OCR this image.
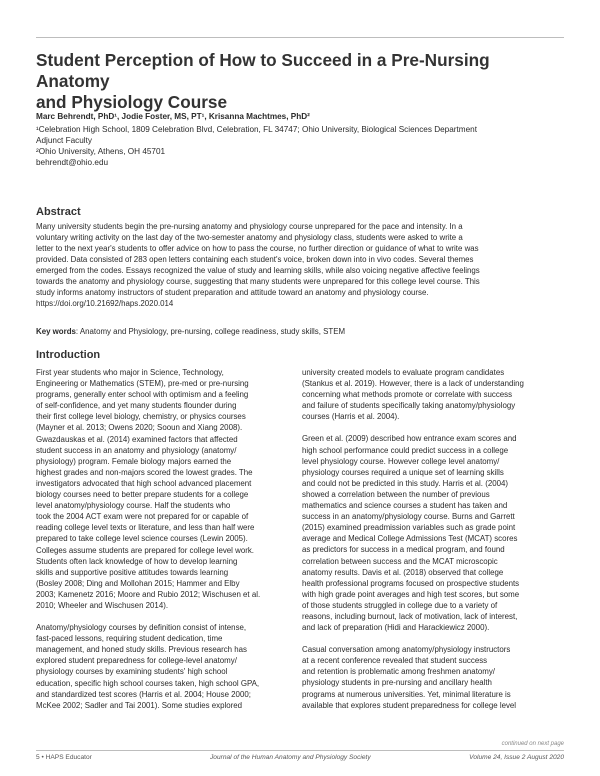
Student Perception of How to Succeed in a Pre-Nursing Anatomy
and Physiology Course
Marc Behrendt, PhD¹, Jodie Foster, MS, PT¹, Krisanna Machtmes, PhD²
¹Celebration High School, 1809 Celebration Blvd, Celebration, FL 34747; Ohio University, Biological Sciences Department
Adjunct Faculty
²Ohio University, Athens, OH 45701
behrendt@ohio.edu
Abstract
Many university students begin the pre-nursing anatomy and physiology course unprepared for the pace and intensity. In a
voluntary writing activity on the last day of the two-semester anatomy and physiology class, students were asked to write a
letter to the next year's students to offer advice on how to pass the course, no further direction or guidance of what to write was
provided. Data consisted of 283 open letters containing each student's voice, broken down into in vivo codes. Several themes
emerged from the codes. Essays recognized the value of study and learning skills, while also voicing negative affective feelings
towards the anatomy and physiology course, suggesting that many students were unprepared for this college level course. This
study informs anatomy instructors of student preparation and attitude toward an anatomy and physiology course.
https://doi.org/10.21692/haps.2020.014
Key words: Anatomy and Physiology, pre-nursing, college readiness, study skills, STEM
Introduction
First year students who major in Science, Technology,
Engineering or Mathematics (STEM), pre-med or pre-nursing
programs, generally enter school with optimism and a feeling
of self-confidence, and yet many students flounder during
their first college level biology, chemistry, or physics courses
(Mayner et al. 2013; Owens 2020; Sooun and Xiang 2008).
Gwazdauskas et al. (2014) examined factors that affected
student success in an anatomy and physiology (anatomy/
physiology) program. Female biology majors earned the
highest grades and non-majors scored the lowest grades. The
investigators advocated that high school advanced placement
biology courses need to better prepare students for a college
level anatomy/physiology course. Half the students who
took the 2004 ACT exam were not prepared for or capable of
reading college level texts or literature, and less than half were
prepared to take college level science courses (Lewin 2005).
Colleges assume students are prepared for college level work.
Students often lack knowledge of how to develop learning
skills and supportive positive attitudes towards learning
(Bosley 2008; Ding and Mollohan 2015; Hammer and Elby
2003; Kamenetz 2016; Moore and Rubio 2012; Wischusen et al.
2010; Wheeler and Wischusen 2014).
Anatomy/physiology courses by definition consist of intense,
fast-paced lessons, requiring student dedication, time
management, and honed study skills. Previous research has
explored student preparedness for college-level anatomy/
physiology courses by examining students' high school
education, specific high school courses taken, high school GPA,
and standardized test scores (Harris et al. 2004; House 2000;
McKee 2002; Sadler and Tai 2001). Some studies explored
university created models to evaluate program candidates
(Stankus et al. 2019). However, there is a lack of understanding
concerning what methods promote or correlate with success
and failure of students specifically taking anatomy/physiology
courses (Harris et al. 2004).
Green et al. (2009) described how entrance exam scores and
high school performance could predict success in a college
level physiology course. However college level anatomy/
physiology courses required a unique set of learning skills
and could not be predicted in this study. Harris et al. (2004)
showed a correlation between the number of previous
mathematics and science courses a student has taken and
success in an anatomy/physiology course. Burns and Garrett
(2015) examined preadmission variables such as grade point
average and Medical College Admissions Test (MCAT) scores
as predictors for success in a medical program, and found
correlation between success and the MCAT microscopic
anatomy results. Davis et al. (2018) observed that college
health professional programs focused on prospective students
with high grade point averages and high test scores, but some
of those students struggled in college due to a variety of
reasons, including burnout, lack of motivation, lack of interest,
and lack of preparation (Hidi and Harackiewicz 2000).
Casual conversation among anatomy/physiology instructors
at a recent conference revealed that student success
and retention is problematic among freshmen anatomy/
physiology students in pre-nursing and ancillary health
programs at numerous universities. Yet, minimal literature is
available that explores student preparedness for college level
continued on next page
5 • HAPS Educator	Journal of the Human Anatomy and Physiology Society	Volume 24, Issue 2 August 2020
